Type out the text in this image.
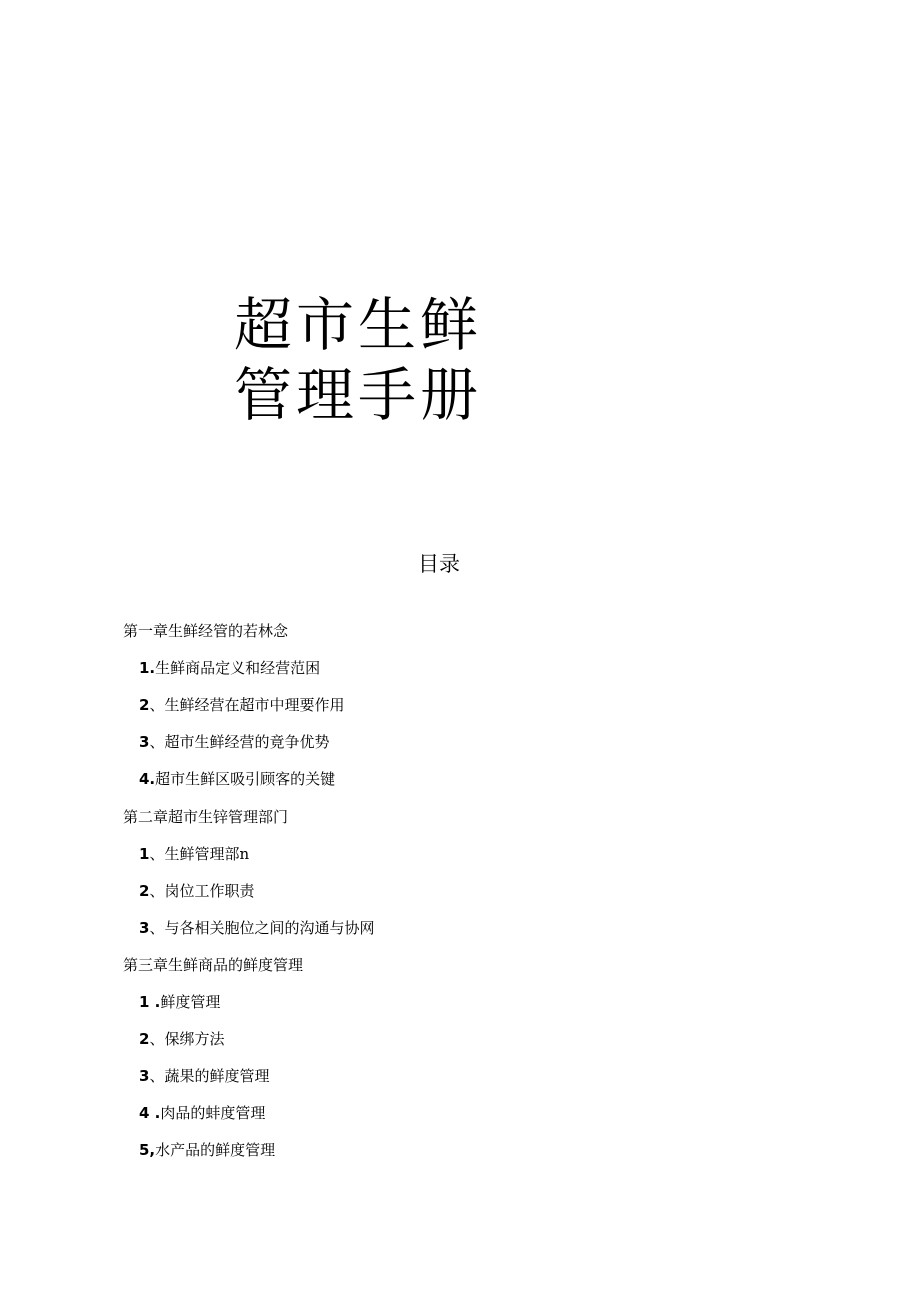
超市生鲜
管理手册
目录
第一章生鲜经管的若林念
1.生鲜商品定义和经营范困
2、生鲜经营在超市中理要作用
3、超市生鲜经营的竟争优势
4.超市生鲜区吸引顾客的关键
第二章超市生锌管理部门
1、生鲜管理部n
2、岗位工作职责
3、与各相关胞位之间的沟通与协网
第三章生鲜商品的鲜度管理
1 .鲜度管理
2、保绑方法
3、蔬果的鲜度管理
4 .肉品的蚌度管理
5,水产品的鲜度管理
